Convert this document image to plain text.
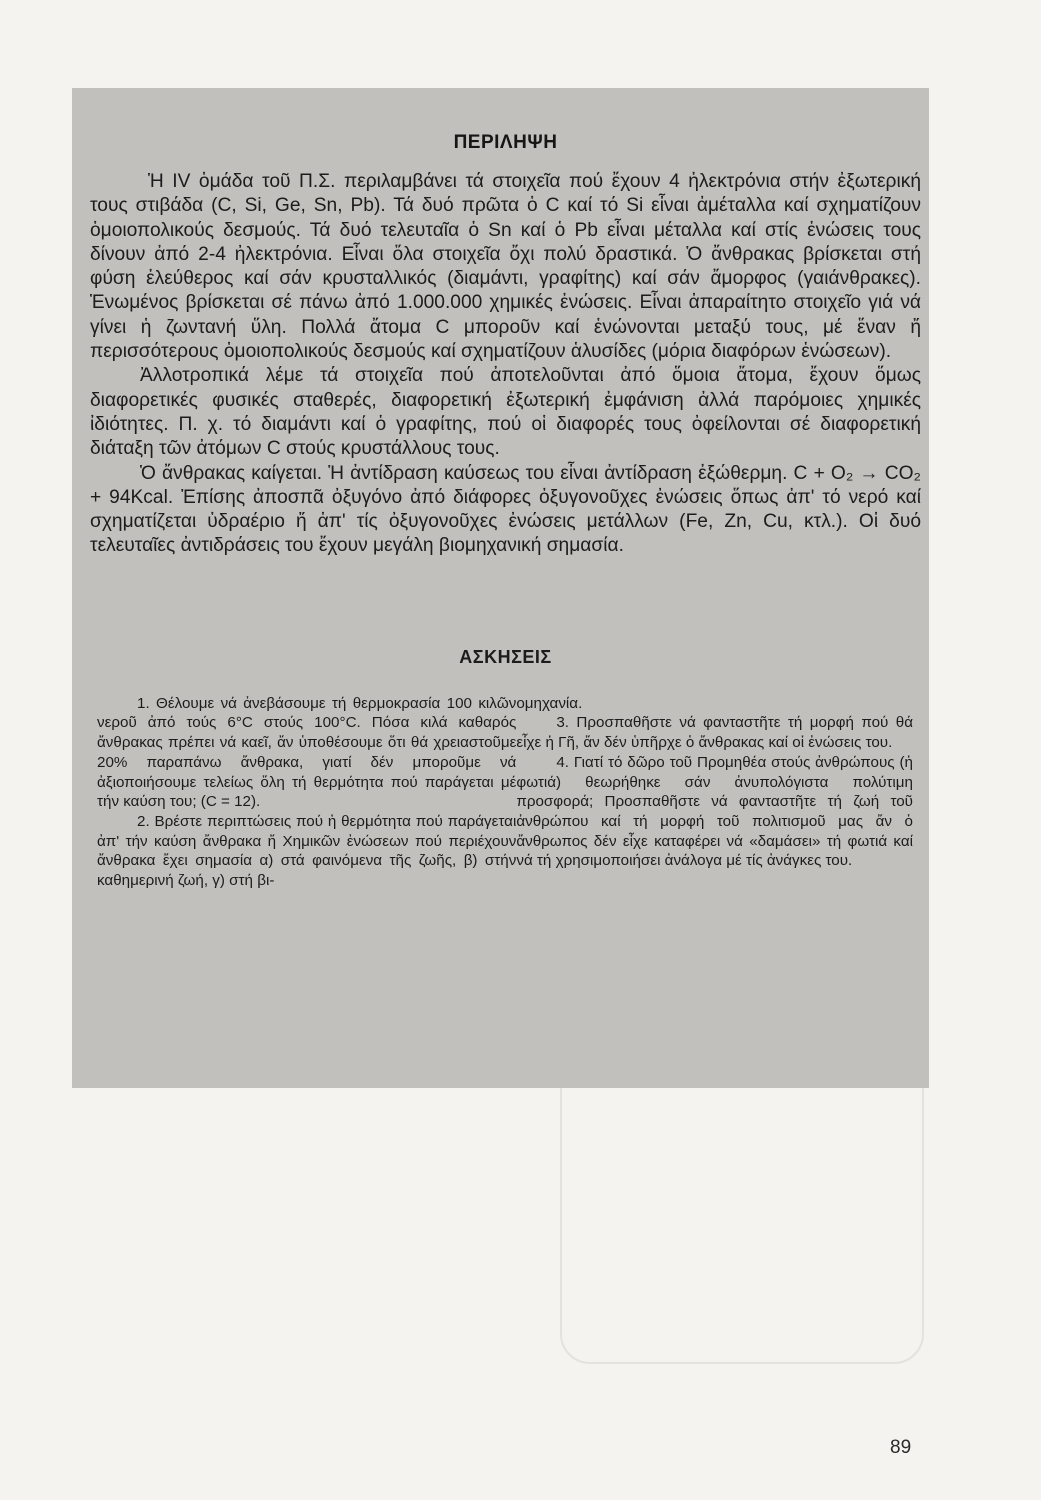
ΠΕΡΙΛΗΨΗ

Ἡ IV ὁμάδα τοῦ Π.Σ. περιλαμβάνει τά στοιχεῖα πού ἔχουν 4 ἠλεκτρόνια στήν ἐξωτερική τους στιβάδα (C, Si, Ge, Sn, Pb). Τά δυό πρῶτα ὁ C καί τό Si εἶναι ἀμέταλλα καί σχηματίζουν ὁμοιοπολικούς δεσμούς. Τά δυό τελευταῖα ὁ Sn καί ὁ Pb εἶναι μέταλλα καί στίς ἐνώσεις τους δίνουν ἀπό 2-4 ἠλεκτρόνια. Εἶναι ὅλα στοιχεῖα ὄχι πολύ δραστικά. Ὁ ἄνθρακας βρίσκεται στή φύση ἐλεύθερος καί σάν κρυσταλλικός (διαμάντι, γραφίτης) καί σάν ἄμορφος (γαιάνθρακες). Ἑνωμένος βρίσκεται σέ πάνω ἀπό 1.000.000 χημικές ἐνώσεις. Εἶναι ἀπαραίτητο στοιχεῖο γιά νά γίνει ἡ ζωντανή ὕλη. Πολλά ἄτομα C μποροῦν καί ἑνώνονται μεταξύ τους, μέ ἕναν ἤ περισσότερους ὁμοιοπολικούς δεσμούς καί σχηματίζουν ἁλυσίδες (μόρια διαφόρων ἑνώσεων).

Ἀλλοτροπικά λέμε τά στοιχεῖα πού ἀποτελοῦνται ἀπό ὅμοια ἄτομα, ἔχουν ὅμως διαφορετικές φυσικές σταθερές, διαφορετική ἐξωτερική ἐμφάνιση ἀλλά παρόμοιες χημικές ἰδιότητες. Π. χ. τό διαμάντι καί ὁ γραφίτης, πού οἱ διαφορές τους ὀφείλονται σέ διαφορετική διάταξη τῶν ἀτόμων C στούς κρυστάλλους τους.

Ὁ ἄνθρακας καίγεται. Ἡ ἀντίδραση καύσεως του εἶναι ἀντίδραση ἐξώθερμη. C + O₂ → CO₂ + 94Kcal. Ἐπίσης ἀποσπᾶ ὀξυγόνο ἀπό διάφορες ὀξυγονοῦχες ἐνώσεις ὅπως ἀπ' τό νερό καί σχηματίζεται ὑδραέριο ἤ ἀπ' τίς ὀξυγονοῦχες ἐνώσεις μετάλλων (Fe, Zn, Cu, κτλ.). Οἱ δυό τελευταῖες ἀντιδράσεις του ἔχουν μεγάλη βιομηχανική σημασία.

ΑΣΚΗΣΕΙΣ

1. Θέλουμε νά ἀνεβάσουμε τή θερμοκρασία 100 κιλῶν νεροῦ ἀπό τούς 6°C στούς 100°C. Πόσα κιλά καθαρός ἄνθρακας πρέπει νά καεῖ, ἄν ὑποθέσουμε ὅτι θά χρειαστοῦμε 20% παραπάνω ἄνθρακα, γιατί δέν μποροῦμε νά ἀξιοποιήσουμε τελείως ὅλη τή θερμότητα πού παράγεται μέ τήν καύση του; (C = 12).

2. Βρέστε περιπτώσεις πού ἡ θερμότητα πού παράγεται ἀπ' τήν καύση ἄνθρακα ἤ Χημικῶν ἐνώσεων πού περιέχουν ἄνθρακα ἔχει σημασία α) στά φαινόμενα τῆς ζωῆς, β) στήν καθημερινή ζωή, γ) στή βι-

ομηχανία.

3. Προσπαθῆστε νά φανταστῆτε τή μορφή πού θά εἶχε ἡ Γῆ, ἄν δέν ὑπῆρχε ὁ ἄνθρακας καί οἱ ἐνώσεις του.

4. Γιατί τό δῶρο τοῦ Προμηθέα στούς ἀνθρώπους (ἡ φωτιά) θεωρήθηκε σάν ἀνυπολόγιστα πολύτιμη προσφορά; Προσπαθῆστε νά φανταστῆτε τή ζωή τοῦ ἀνθρώπου καί τή μορφή τοῦ πολιτισμοῦ μας ἄν ὁ ἄνθρωπος δέν εἶχε καταφέρει νά «δαμάσει» τή φωτιά καί νά τή χρησιμοποιήσει ἀνάλογα μέ τίς ἀνάγκες του.

89
